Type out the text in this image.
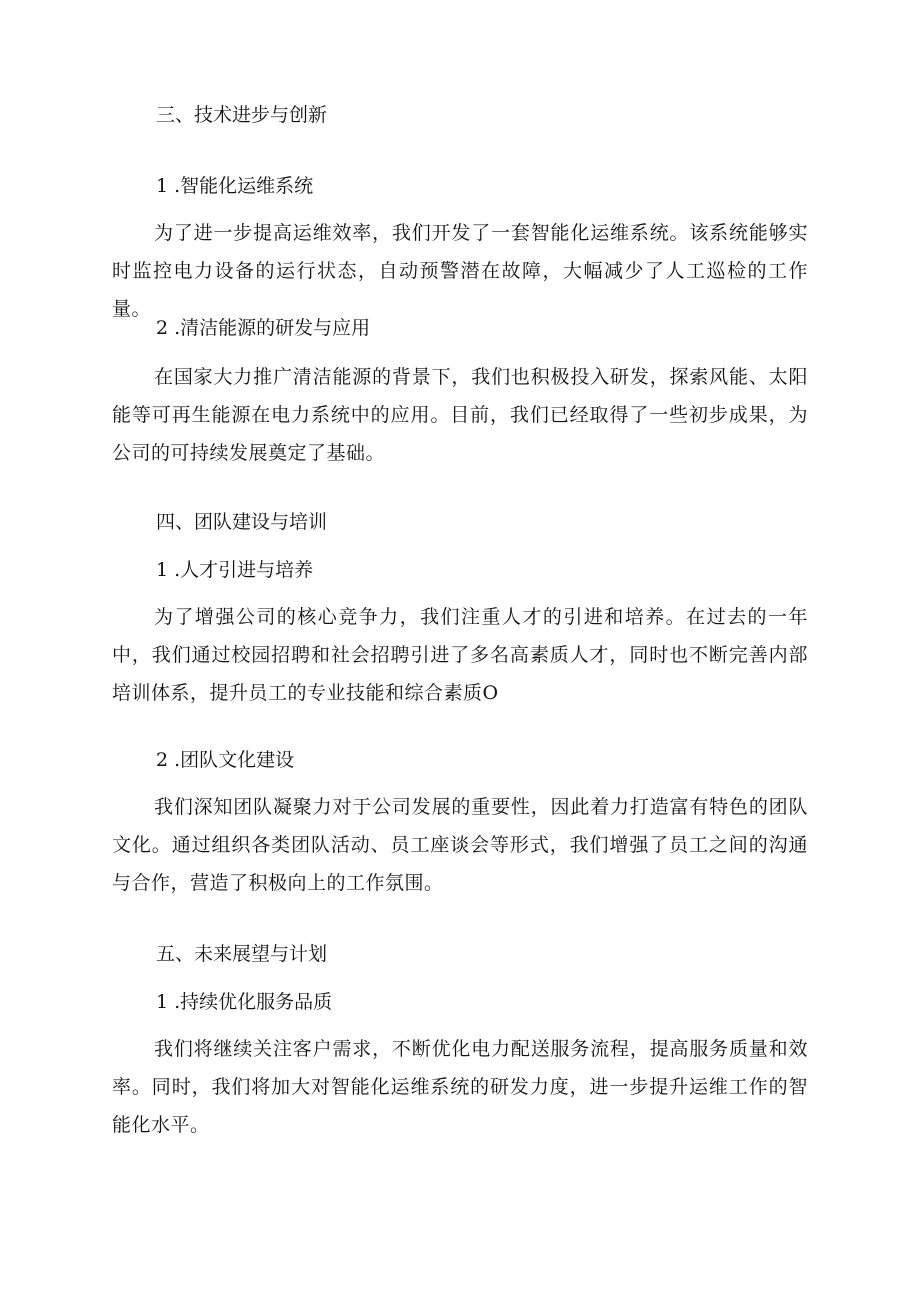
三、技术进步与创新
1 .智能化运维系统

为了进一步提高运维效率，我们开发了一套智能化运维系统。该系统能够实时监控电力设备的运行状态，自动预警潜在故障，大幅减少了人工巡检的工作量。

2 .清洁能源的研发与应用

在国家大力推广清洁能源的背景下，我们也积极投入研发，探索风能、太阳能等可再生能源在电力系统中的应用。目前，我们已经取得了一些初步成果，为公司的可持续发展奠定了基础。

四、团队建设与培训
1 .人才引进与培养

为了增强公司的核心竞争力，我们注重人才的引进和培养。在过去的一年中，我们通过校园招聘和社会招聘引进了多名高素质人才，同时也不断完善内部培训体系，提升员工的专业技能和综合素质O

2 .团队文化建设

我们深知团队凝聚力对于公司发展的重要性，因此着力打造富有特色的团队文化。通过组织各类团队活动、员工座谈会等形式，我们增强了员工之间的沟通与合作，营造了积极向上的工作氛围。

五、未来展望与计划
1 .持续优化服务品质

我们将继续关注客户需求，不断优化电力配送服务流程，提高服务质量和效率。同时，我们将加大对智能化运维系统的研发力度，进一步提升运维工作的智能化水平。
